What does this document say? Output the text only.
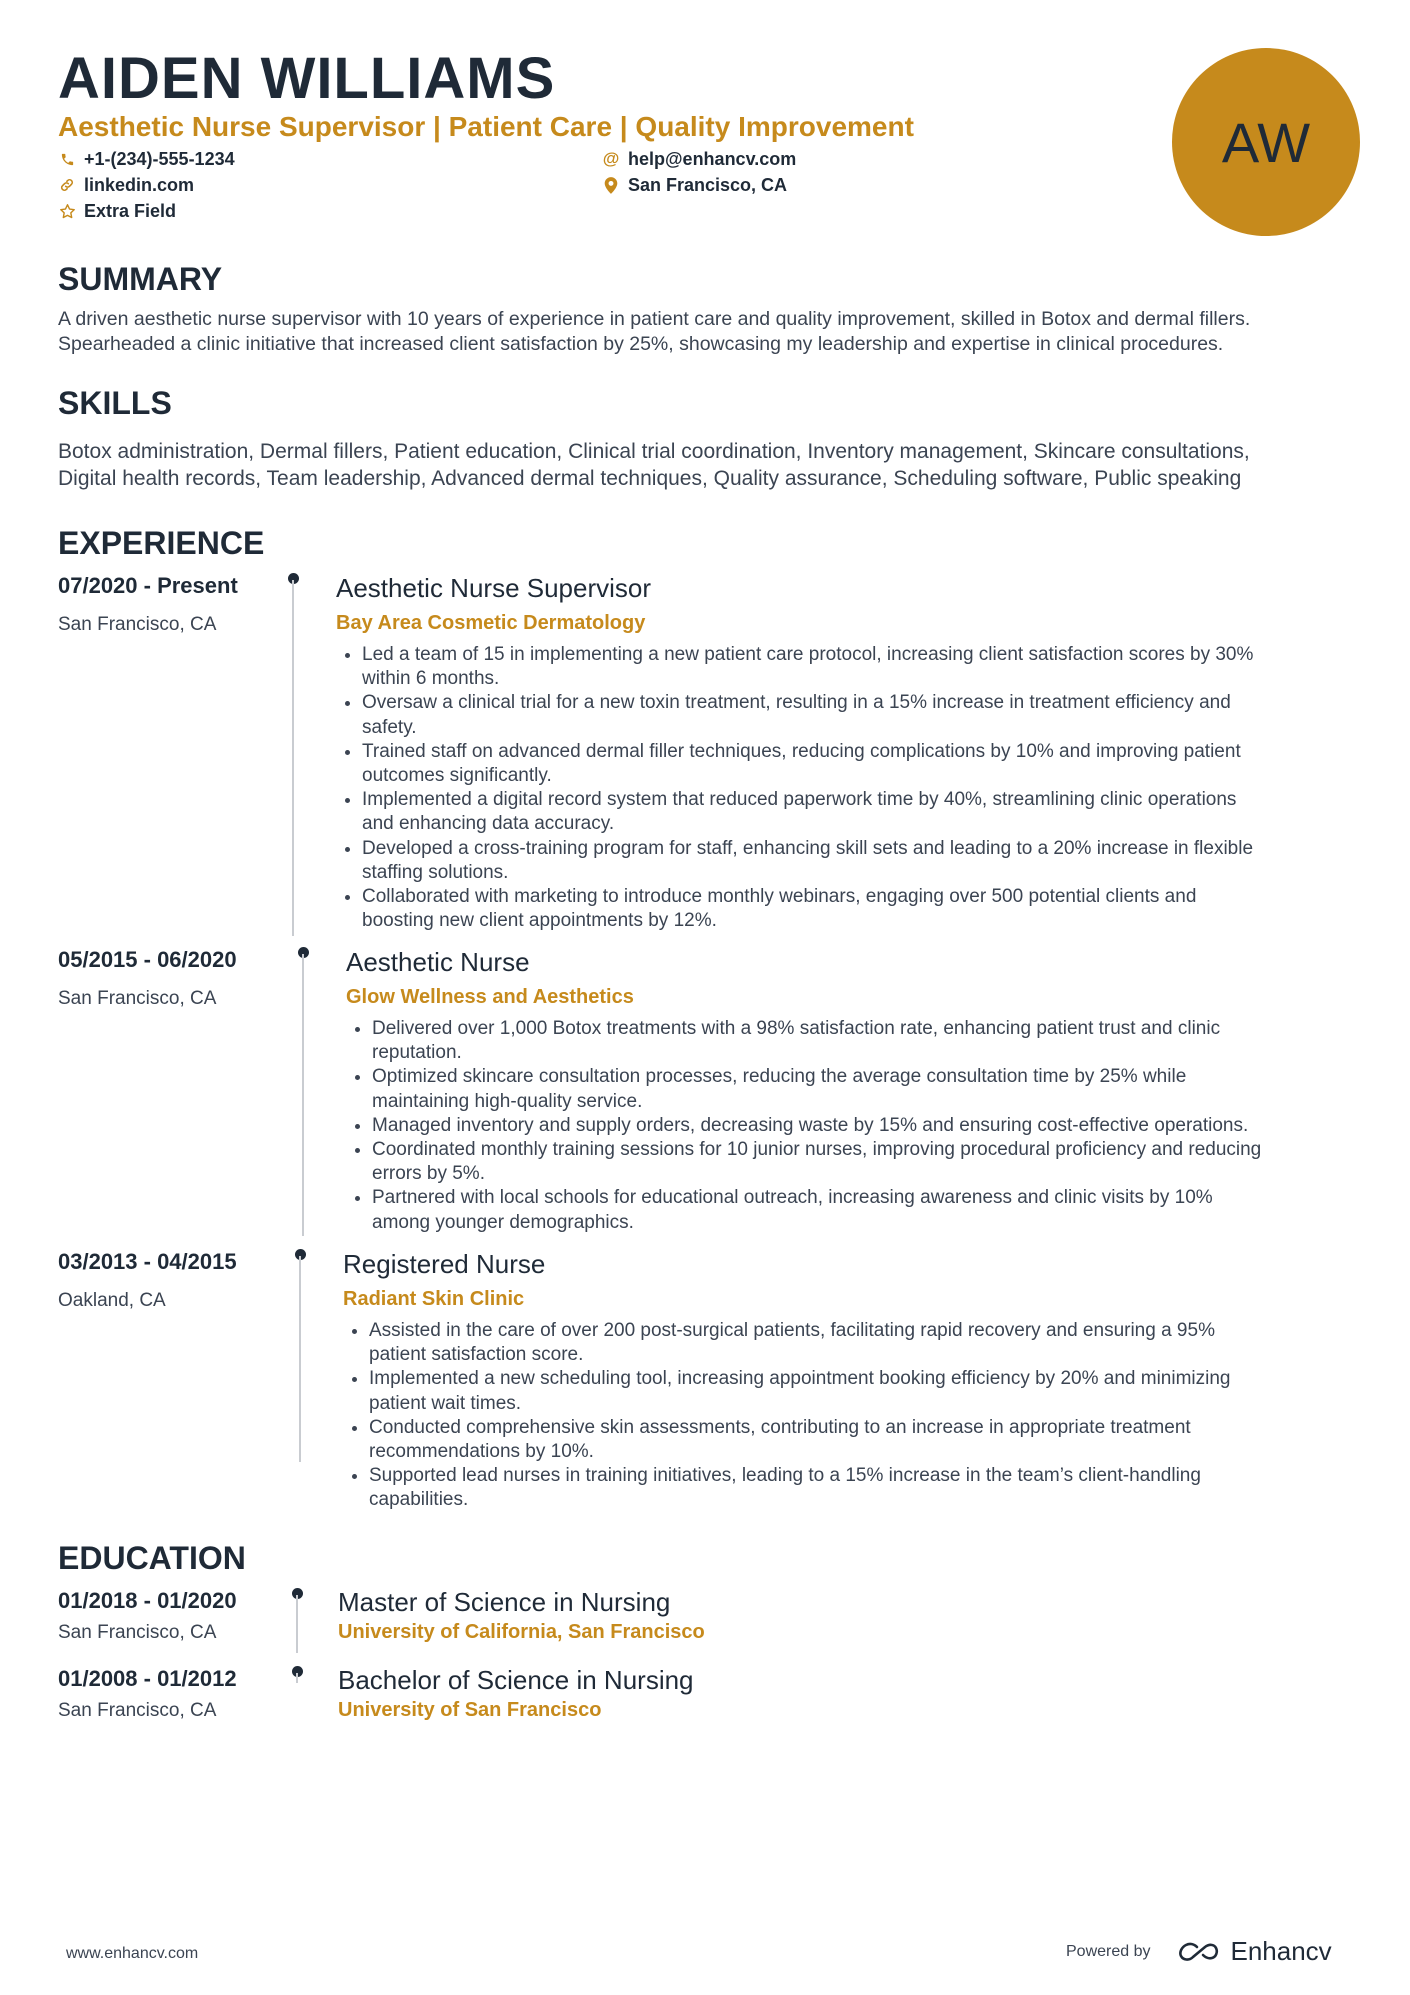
AIDEN WILLIAMS
Aesthetic Nurse Supervisor | Patient Care | Quality Improvement
+1-(234)-555-1234	@ help@enhancv.com
linkedin.com	San Francisco, CA
Extra Field
AW
SUMMARY
A driven aesthetic nurse supervisor with 10 years of experience in patient care and quality improvement, skilled in Botox and dermal fillers.
Spearheaded a clinic initiative that increased client satisfaction by 25%, showcasing my leadership and expertise in clinical procedures.
SKILLS
Botox administration, Dermal fillers, Patient education, Clinical trial coordination, Inventory management, Skincare consultations,
Digital health records, Team leadership, Advanced dermal techniques, Quality assurance, Scheduling software, Public speaking
EXPERIENCE
07/2020 - Present
San Francisco, CA
Aesthetic Nurse Supervisor
Bay Area Cosmetic Dermatology
• Led a team of 15 in implementing a new patient care protocol, increasing client satisfaction scores by 30%
within 6 months.
• Oversaw a clinical trial for a new toxin treatment, resulting in a 15% increase in treatment efficiency and
safety.
• Trained staff on advanced dermal filler techniques, reducing complications by 10% and improving patient
outcomes significantly.
• Implemented a digital record system that reduced paperwork time by 40%, streamlining clinic operations
and enhancing data accuracy.
• Developed a cross-training program for staff, enhancing skill sets and leading to a 20% increase in flexible
staffing solutions.
• Collaborated with marketing to introduce monthly webinars, engaging over 500 potential clients and
boosting new client appointments by 12%.
05/2015 - 06/2020
San Francisco, CA
Aesthetic Nurse
Glow Wellness and Aesthetics
• Delivered over 1,000 Botox treatments with a 98% satisfaction rate, enhancing patient trust and clinic
reputation.
• Optimized skincare consultation processes, reducing the average consultation time by 25% while
maintaining high-quality service.
• Managed inventory and supply orders, decreasing waste by 15% and ensuring cost-effective operations.
• Coordinated monthly training sessions for 10 junior nurses, improving procedural proficiency and reducing
errors by 5%.
• Partnered with local schools for educational outreach, increasing awareness and clinic visits by 10%
among younger demographics.
03/2013 - 04/2015
Oakland, CA
Registered Nurse
Radiant Skin Clinic
• Assisted in the care of over 200 post-surgical patients, facilitating rapid recovery and ensuring a 95%
patient satisfaction score.
• Implemented a new scheduling tool, increasing appointment booking efficiency by 20% and minimizing
patient wait times.
• Conducted comprehensive skin assessments, contributing to an increase in appropriate treatment
recommendations by 10%.
• Supported lead nurses in training initiatives, leading to a 15% increase in the team’s client-handling
capabilities.
EDUCATION
01/2018 - 01/2020
San Francisco, CA
Master of Science in Nursing
University of California, San Francisco
01/2008 - 01/2012
San Francisco, CA
Bachelor of Science in Nursing
University of San Francisco
www.enhancv.com	Powered by	Enhancv
